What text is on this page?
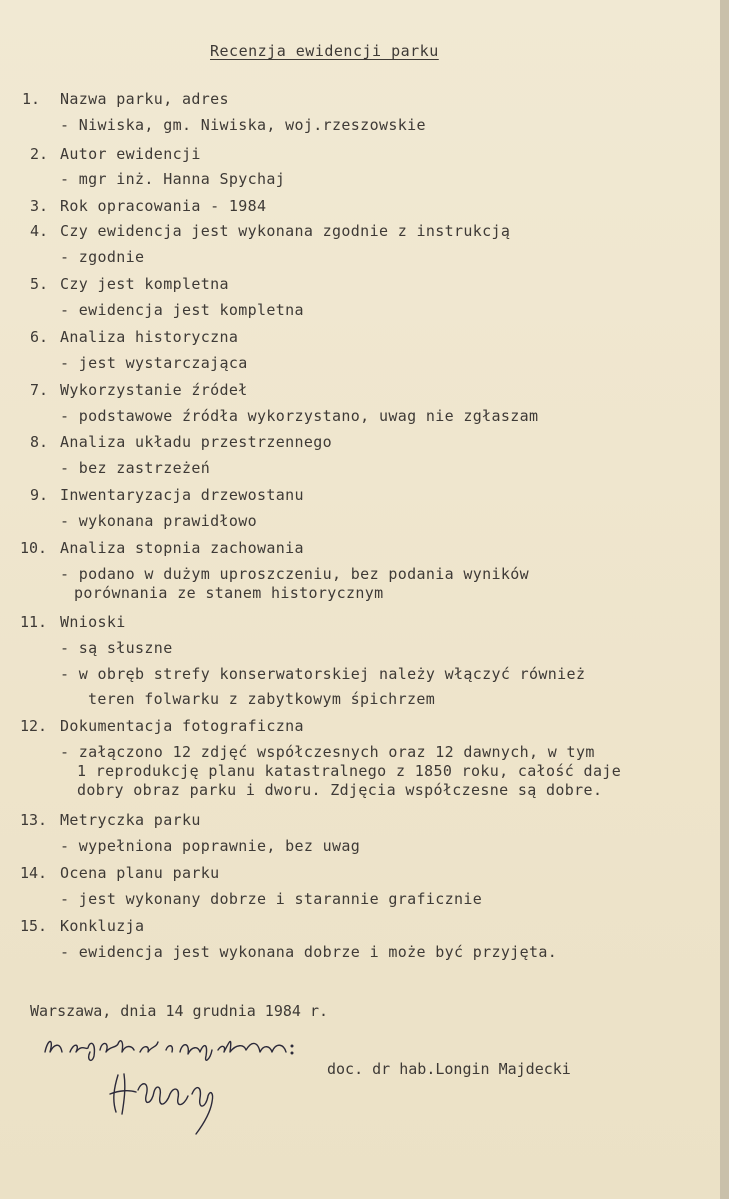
Recenzja ewidencji parku
1. Nazwa parku, adres
- Niwiska, gm. Niwiska, woj.rzeszowskie
2. Autor ewidencji
- mgr inż. Hanna Spychaj
3. Rok opracowania - 1984
4. Czy ewidencja jest wykonana zgodnie z instrukcją
- zgodnie
5. Czy jest kompletna
- ewidencja jest kompletna
6. Analiza historyczna
- jest wystarczająca
7. Wykorzystanie źródeł
- podstawowe źródła wykorzystano, uwag nie zgłaszam
8. Analiza układu przestrzennego
- bez zastrzeżeń
9. Inwentaryzacja drzewostanu
- wykonana prawidłowo
10. Analiza stopnia zachowania
- podano w dużym uproszczeniu, bez podania wyników
porównania ze stanem historycznym
11. Wnioski
- są słuszne
- w obręb strefy konserwatorskiej należy włączyć również
teren folwarku z zabytkowym śpichrzem
12. Dokumentacja fotograficzna
- załączono 12 zdjęć współczesnych oraz 12 dawnych, w tym
1 reprodukcję planu katastralnego z 1850 roku, całość daje
dobry obraz parku i dworu. Zdjęcia współczesne są dobre.
13. Metryczka parku
- wypełniona poprawnie, bez uwag
14. Ocena planu parku
- jest wykonany dobrze i starannie graficznie
15. Konkluzja
- ewidencja jest wykonana dobrze i może być przyjęta.
Warszawa, dnia 14 grudnia 1984 r.
doc. dr hab.Longin Majdecki
